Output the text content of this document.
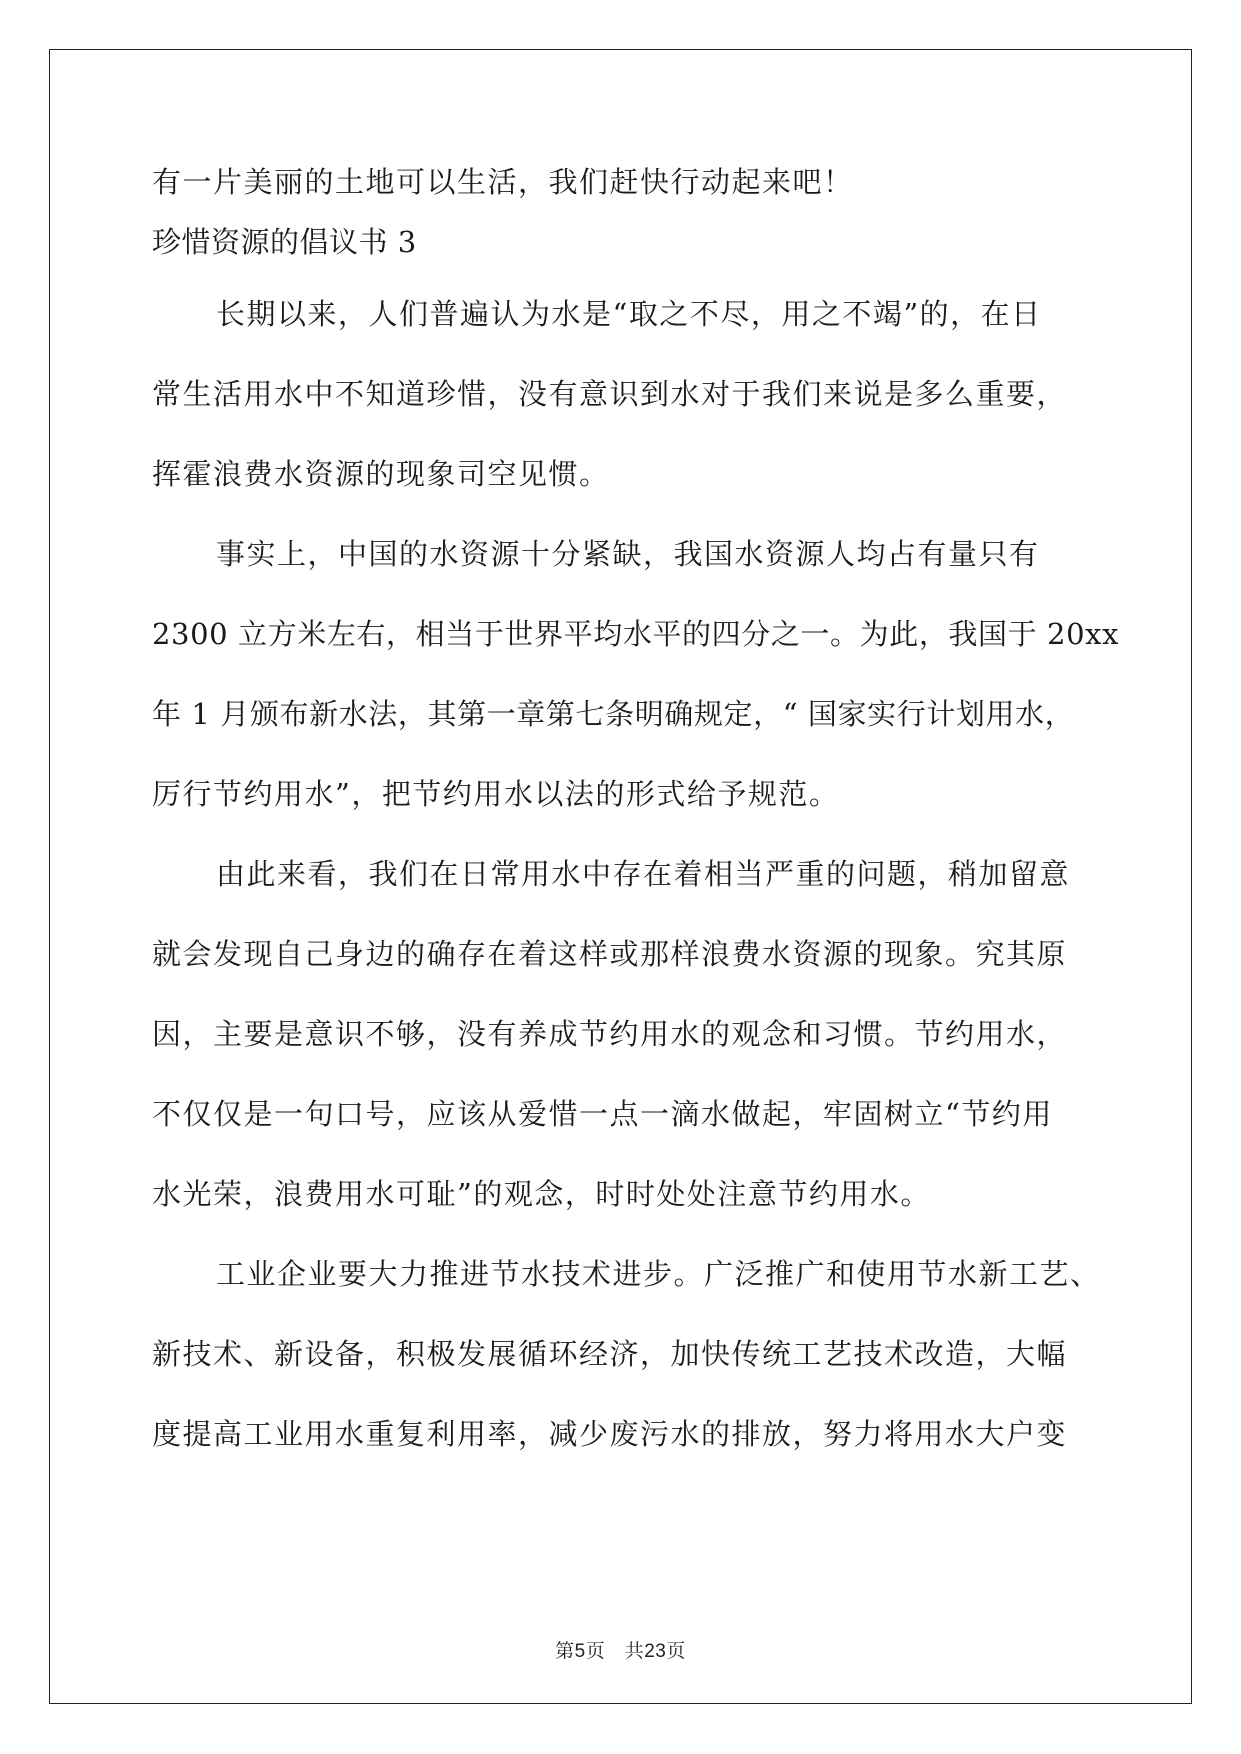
有一片美丽的土地可以生活，我们赶快行动起来吧！
珍惜资源的倡议书 3
长期以来，人们普遍认为水是“取之不尽，用之不竭”的，在日
常生活用水中不知道珍惜，没有意识到水对于我们来说是多么重要，
挥霍浪费水资源的现象司空见惯。
事实上，中国的水资源十分紧缺，我国水资源人均占有量只有
2300 立方米左右，相当于世界平均水平的四分之一。为此，我国于 20xx
年 1 月颁布新水法，其第一章第七条明确规定，“ 国家实行计划用水，
厉行节约用水”，把节约用水以法的形式给予规范。
由此来看，我们在日常用水中存在着相当严重的问题，稍加留意
就会发现自己身边的确存在着这样或那样浪费水资源的现象。究其原
因，主要是意识不够，没有养成节约用水的观念和习惯。节约用水，
不仅仅是一句口号，应该从爱惜一点一滴水做起，牢固树立“节约用
水光荣，浪费用水可耻”的观念，时时处处注意节约用水。
工业企业要大力推进节水技术进步。广泛推广和使用节水新工艺、
新技术、新设备，积极发展循环经济，加快传统工艺技术改造，大幅
度提高工业用水重复利用率，减少废污水的排放，努力将用水大户变
第5页　共23页
